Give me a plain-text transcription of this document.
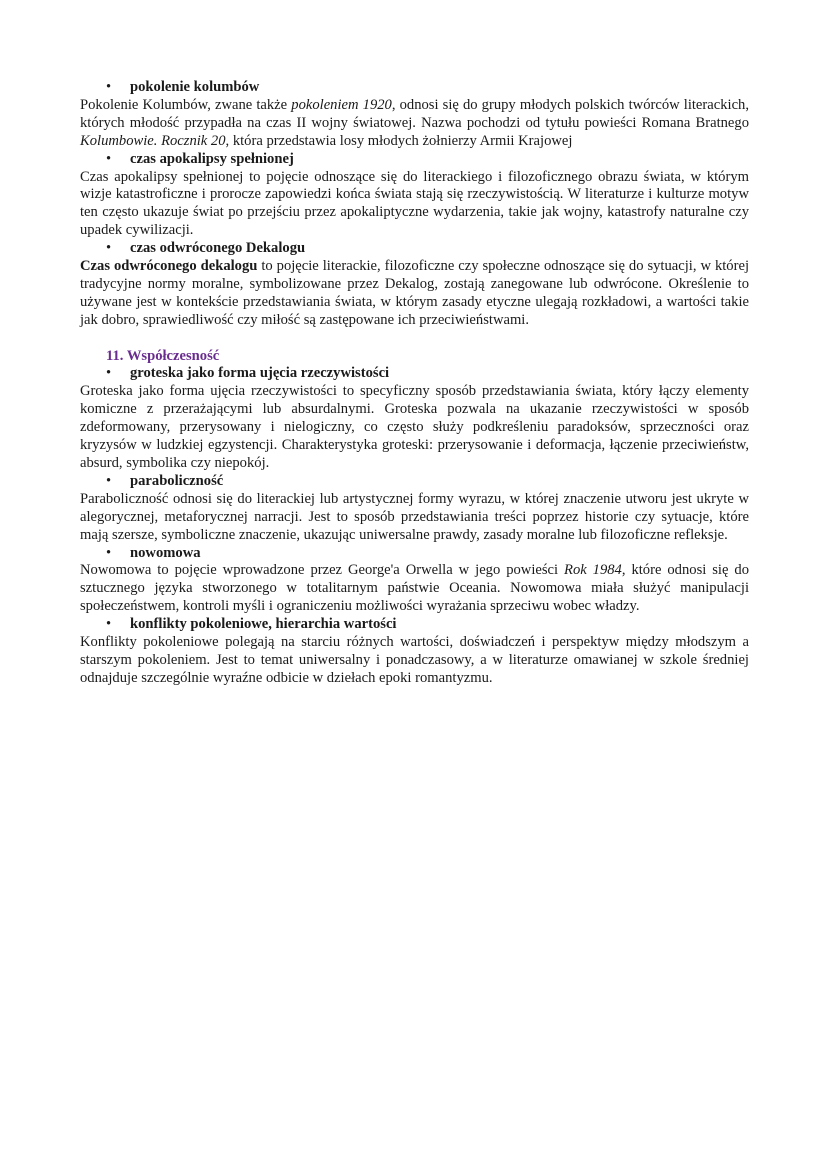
• pokolenie kolumbów

Pokolenie Kolumbów, zwane także pokoleniem 1920, odnosi się do grupy młodych polskich twórców literackich, których młodość przypadła na czas II wojny światowej. Nazwa pochodzi od tytułu powieści Romana Bratnego Kolumbowie. Rocznik 20, która przedstawia losy młodych żołnierzy Armii Krajowej

• czas apokalipsy spełnionej

Czas apokalipsy spełnionej to pojęcie odnoszące się do literackiego i filozoficznego obrazu świata, w którym wizje katastroficzne i prorocze zapowiedzi końca świata stają się rzeczywistością. W literaturze i kulturze motyw ten często ukazuje świat po przejściu przez apokaliptyczne wydarzenia, takie jak wojny, katastrofy naturalne czy upadek cywilizacji.

• czas odwróconego Dekalogu

Czas odwróconego dekalogu to pojęcie literackie, filozoficzne czy społeczne odnoszące się do sytuacji, w której tradycyjne normy moralne, symbolizowane przez Dekalog, zostają zanegowane lub odwrócone. Określenie to używane jest w kontekście przedstawiania świata, w którym zasady etyczne ulegają rozkładowi, a wartości takie jak dobro, sprawiedliwość czy miłość są zastępowane ich przeciwieństwami.

11. Współczesność
• groteska jako forma ujęcia rzeczywistości

Groteska jako forma ujęcia rzeczywistości to specyficzny sposób przedstawiania świata, który łączy elementy komiczne z przerażającymi lub absurdalnymi. Groteska pozwala na ukazanie rzeczywistości w sposób zdeformowany, przerysowany i nielogiczny, co często służy podkreśleniu paradoksów, sprzeczności oraz kryzysów w ludzkiej egzystencji. Charakterystyka groteski: przerysowanie i deformacja, łączenie przeciwieństw, absurd, symbolika czy niepokój.

• paraboliczność

Paraboliczność odnosi się do literackiej lub artystycznej formy wyrazu, w której znaczenie utworu jest ukryte w alegorycznej, metaforycznej narracji. Jest to sposób przedstawiania treści poprzez historie czy sytuacje, które mają szersze, symboliczne znaczenie, ukazując uniwersalne prawdy, zasady moralne lub filozoficzne refleksje.

• nowomowa

Nowomowa to pojęcie wprowadzone przez George'a Orwella w jego powieści Rok 1984, które odnosi się do sztucznego języka stworzonego w totalitarnym państwie Oceania. Nowomowa miała służyć manipulacji społeczeństwem, kontroli myśli i ograniczeniu możliwości wyrażania sprzeciwu wobec władzy.

• konflikty pokoleniowe, hierarchia wartości

Konflikty pokoleniowe polegają na starciu różnych wartości, doświadczeń i perspektyw między młodszym a starszym pokoleniem. Jest to temat uniwersalny i ponadczasowy, a w literaturze omawianej w szkole średniej odnajduje szczególnie wyraźne odbicie w dziełach epoki romantyzmu.
